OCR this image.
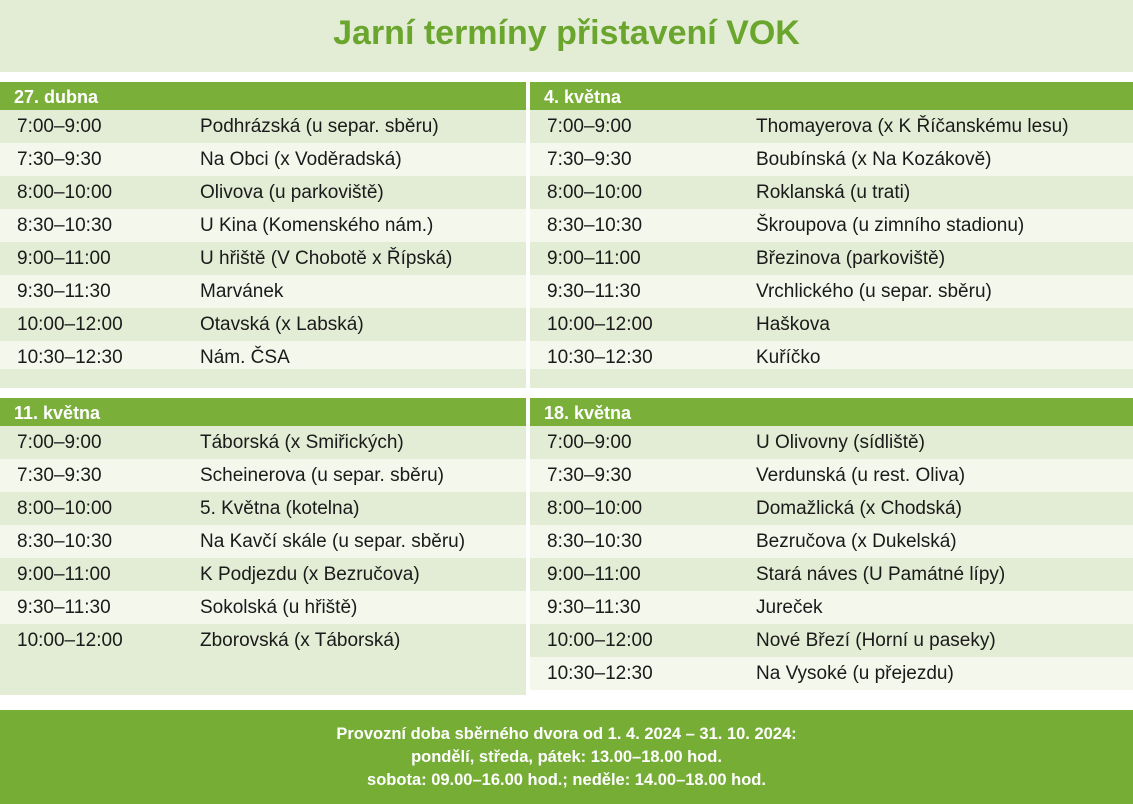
Jarní termíny přistavení VOK
27. dubna
7:00–9:00	Podhrázská (u separ. sběru)
7:30–9:30	Na Obci (x Voděradská)
8:00–10:00	Olivova (u parkoviště)
8:30–10:30	U Kina (Komenského nám.)
9:00–11:00	U hřiště (V Chobotě x Řípská)
9:30–11:30	Marvánek
10:00–12:00	Otavská (x Labská)
10:30–12:30	Nám. ČSA
4. května
7:00–9:00	Thomayerova (x K Říčanskému lesu)
7:30–9:30	Boubínská (x Na Kozákově)
8:00–10:00	Roklanská (u trati)
8:30–10:30	Škroupova (u zimního stadionu)
9:00–11:00	Březinova (parkoviště)
9:30–11:30	Vrchlického (u separ. sběru)
10:00–12:00	Haškova
10:30–12:30	Kuříčko
11. května
7:00–9:00	Táborská (x Smiřických)
7:30–9:30	Scheinerova (u separ. sběru)
8:00–10:00	5. Května (kotelna)
8:30–10:30	Na Kavčí skále (u separ. sběru)
9:00–11:00	K Podjezdu (x Bezručova)
9:30–11:30	Sokolská (u hřiště)
10:00–12:00	Zborovská (x Táborská)
18. května
7:00–9:00	U Olivovny (sídliště)
7:30–9:30	Verdunská (u rest. Oliva)
8:00–10:00	Domažlická (x Chodská)
8:30–10:30	Bezručova (x Dukelská)
9:00–11:00	Stará náves (U Památné lípy)
9:30–11:30	Jureček
10:00–12:00	Nové Březí (Horní u paseky)
10:30–12:30	Na Vysoké (u přejezdu)
Provozní doba sběrného dvora od 1. 4. 2024 – 31. 10. 2024:
pondělí, středa, pátek: 13.00–18.00 hod.
sobota: 09.00–16.00 hod.; neděle: 14.00–18.00 hod.
